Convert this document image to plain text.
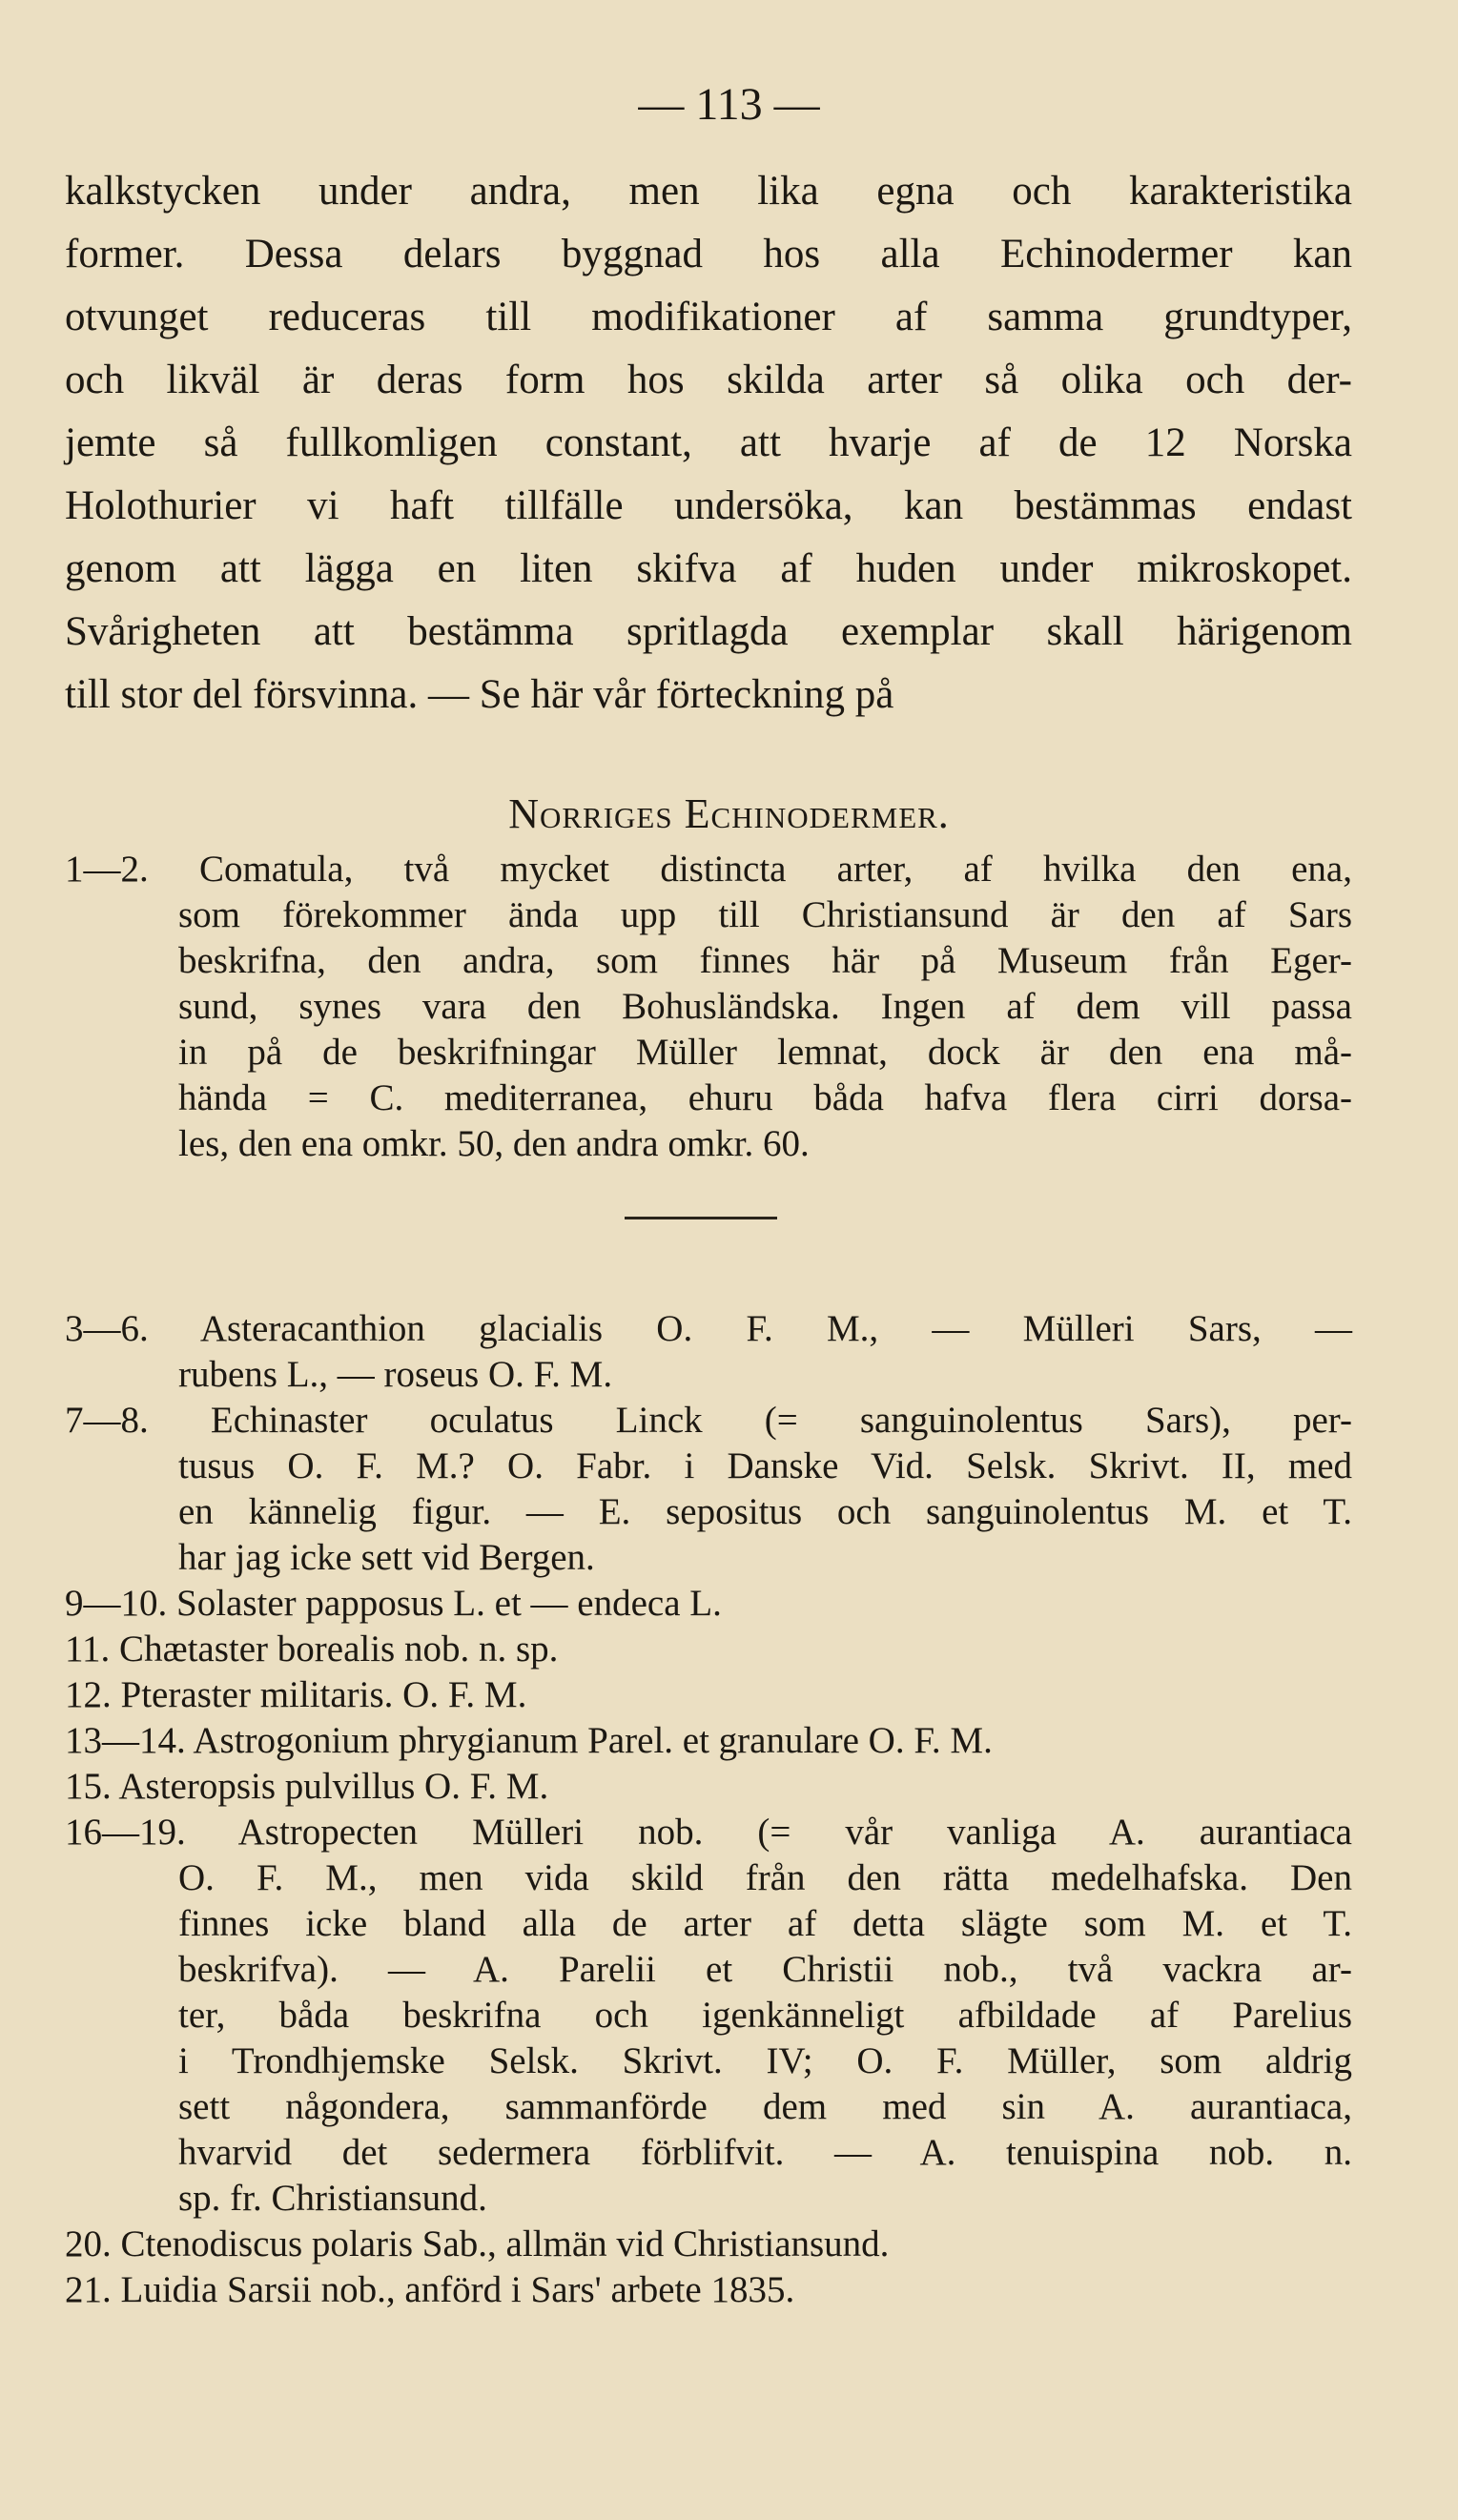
— 113 —
kalkstycken under andra, men lika egna och karakteristika
former. Dessa delars byggnad hos alla Echinodermer kan
otvunget reduceras till modifikationer af samma grundtyper,
och likväl är deras form hos skilda arter så olika och der-
jemte så fullkomligen constant, att hvarje af de 12 Norska
Holothurier vi haft tillfälle undersöka, kan bestämmas endast
genom att lägga en liten skifva af huden under mikroskopet.
Svårigheten att bestämma spritlagda exemplar skall härigenom
till stor del försvinna. — Se här vår förteckning på
Norriges Echinodermer.
1—2. Comatula, två mycket distincta arter, af hvilka den ena,
som förekommer ända upp till Christiansund är den af Sars
beskrifna, den andra, som finnes här på Museum från Eger-
sund, synes vara den Bohusländska. Ingen af dem vill passa
in på de beskrifningar Müller lemnat, dock är den ena må-
hända = C. mediterranea, ehuru båda hafva flera cirri dorsa-
les, den ena omkr. 50, den andra omkr. 60.
3—6. Asteracanthion glacialis O. F. M., — Mülleri Sars, —
rubens L., — roseus O. F. M.
7—8. Echinaster oculatus Linck (= sanguinolentus Sars), per-
tusus O. F. M.? O. Fabr. i Danske Vid. Selsk. Skrivt. II, med
en kännelig figur. — E. sepositus och sanguinolentus M. et T.
har jag icke sett vid Bergen.
9—10. Solaster papposus L. et — endeca L.
11. Chætaster borealis nob. n. sp.
12. Pteraster militaris. O. F. M.
13—14. Astrogonium phrygianum Parel. et granulare O. F. M.
15. Asteropsis pulvillus O. F. M.
16—19. Astropecten Mülleri nob. (= vår vanliga A. aurantiaca
O. F. M., men vida skild från den rätta medelhafska. Den
finnes icke bland alla de arter af detta slägte som M. et T.
beskrifva). — A. Parelii et Christii nob., två vackra ar-
ter, båda beskrifna och igenkänneligt afbildade af Parelius
i Trondhjemske Selsk. Skrivt. IV; O. F. Müller, som aldrig
sett någondera, sammanförde dem med sin A. aurantiaca,
hvarvid det sedermera förblifvit. — A. tenuispina nob. n.
sp. fr. Christiansund.
20. Ctenodiscus polaris Sab., allmän vid Christiansund.
21. Luidia Sarsii nob., anförd i Sars' arbete 1835.
